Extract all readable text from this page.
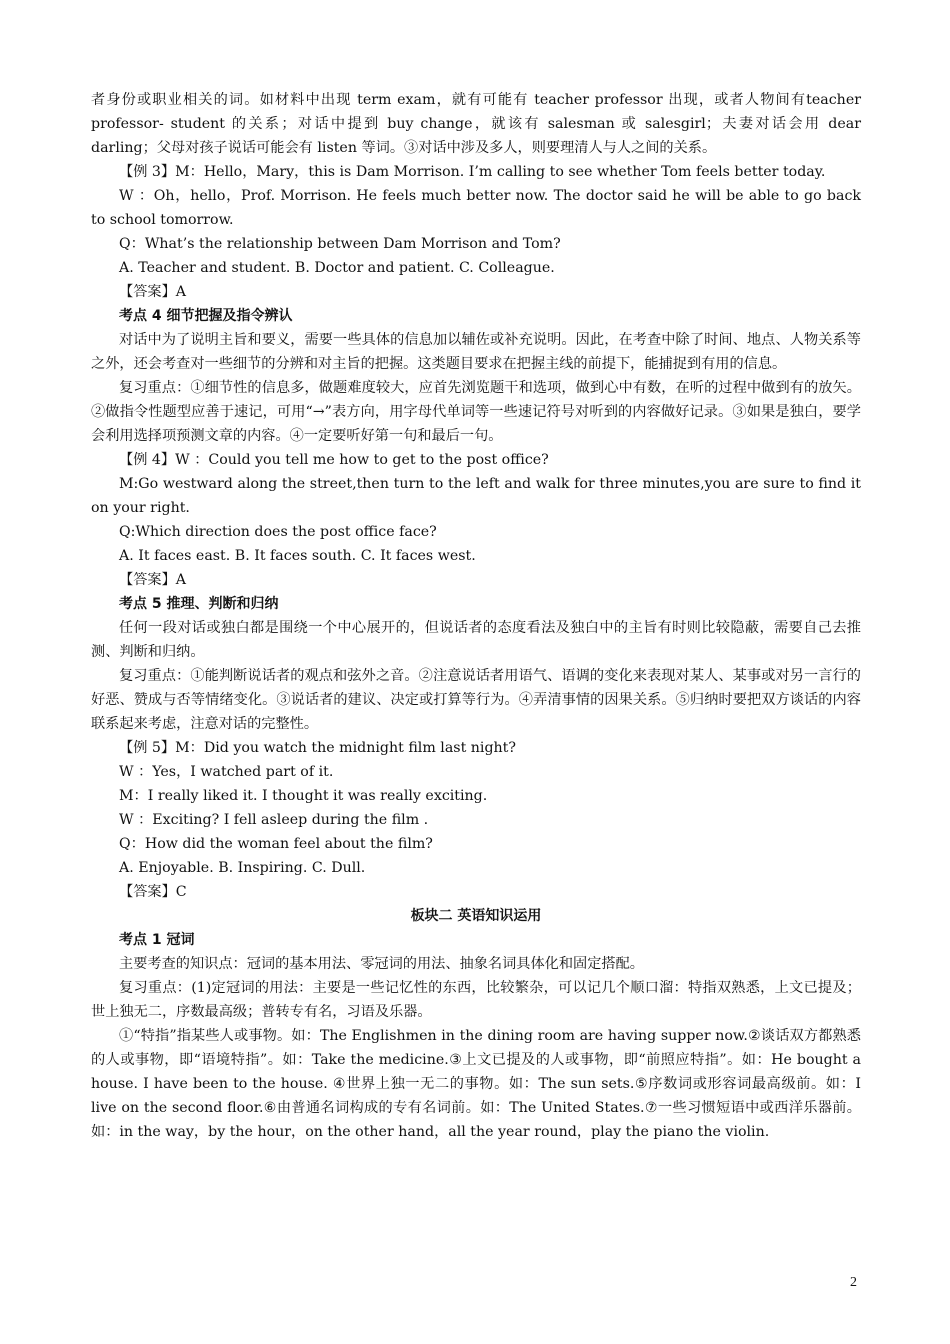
者身份或职业相关的词。如材料中出现 term exam，就有可能有 teacher professor 出现，或者人物间有teacher professor- student 的关系；对话中提到 buy change，就该有 salesman 或 salesgirl；夫妻对话会用 dear darling；父母对孩子说话可能会有 listen 等词。③对话中涉及多人，则要理清人与人之间的关系。

【例 3】M：Hello，Mary，this is Dam Morrison. I’m calling to see whether Tom feels better today.

W ：Oh，hello，Prof. Morrison. He feels much better now. The doctor said he will be able to go back to school tomorrow.

Q：What’s the relationship between Dam Morrison and Tom?

A. Teacher and student. B. Doctor and patient. C. Colleague.

【答案】A

考点 4 细节把握及指令辨认

对话中为了说明主旨和要义，需要一些具体的信息加以辅佐或补充说明。因此，在考查中除了时间、地点、人物关系等之外，还会考查对一些细节的分辨和对主旨的把握。这类题目要求在把握主线的前提下，能捕捉到有用的信息。

复习重点：①细节性的信息多，做题难度较大，应首先浏览题干和选项，做到心中有数，在听的过程中做到有的放矢。②做指令性题型应善于速记，可用“→”表方向，用字母代单词等一些速记符号对听到的内容做好记录。③如果是独白，要学会利用选择项预测文章的内容。④一定要听好第一句和最后一句。

【例 4】W ：Could you tell me how to get to the post office?

M:Go westward along the street,then turn to the left and walk for three minutes,you are sure to find it on your right.

Q:Which direction does the post office face?

A. It faces east. B. It faces south. C. It faces west.

【答案】A

考点 5 推理、判断和归纳

任何一段对话或独白都是围绕一个中心展开的，但说话者的态度看法及独白中的主旨有时则比较隐蔽，需要自己去推测、判断和归纳。

复习重点：①能判断说话者的观点和弦外之音。②注意说话者用语气、语调的变化来表现对某人、某事或对另一言行的好恶、赞成与否等情绪变化。③说话者的建议、决定或打算等行为。④弄清事情的因果关系。⑤归纳时要把双方谈话的内容联系起来考虑，注意对话的完整性。

【例 5】M：Did you watch the midnight film last night?

W ：Yes，I watched part of it.

M：I really liked it. I thought it was really exciting.

W ：Exciting? I fell asleep during the film .

Q：How did the woman feel about the film?

A. Enjoyable. B. Inspiring. C. Dull.

【答案】C

板块二 英语知识运用

考点 1 冠词

主要考查的知识点：冠词的基本用法、零冠词的用法、抽象名词具体化和固定搭配。

复习重点：(1)定冠词的用法：主要是一些记忆性的东西，比较繁杂，可以记几个顺口溜：特指双熟悉，上文已提及；世上独无二，序数最高级；普转专有名，习语及乐器。

①“特指”指某些人或事物。如：The Englishmen in the dining room are having supper now.②谈话双方都熟悉的人或事物，即“语境特指”。如：Take the medicine.③上文已提及的人或事物，即“前照应特指”。如：He bought a house. I have been to the house. ④世界上独一无二的事物。如：The sun sets.⑤序数词或形容词最高级前。如：I live on the second floor.⑥由普通名词构成的专有名词前。如：The United States.⑦一些习惯短语中或西洋乐器前。如：in the way，by the hour，on the other hand，all the year round，play the piano the violin.

2
